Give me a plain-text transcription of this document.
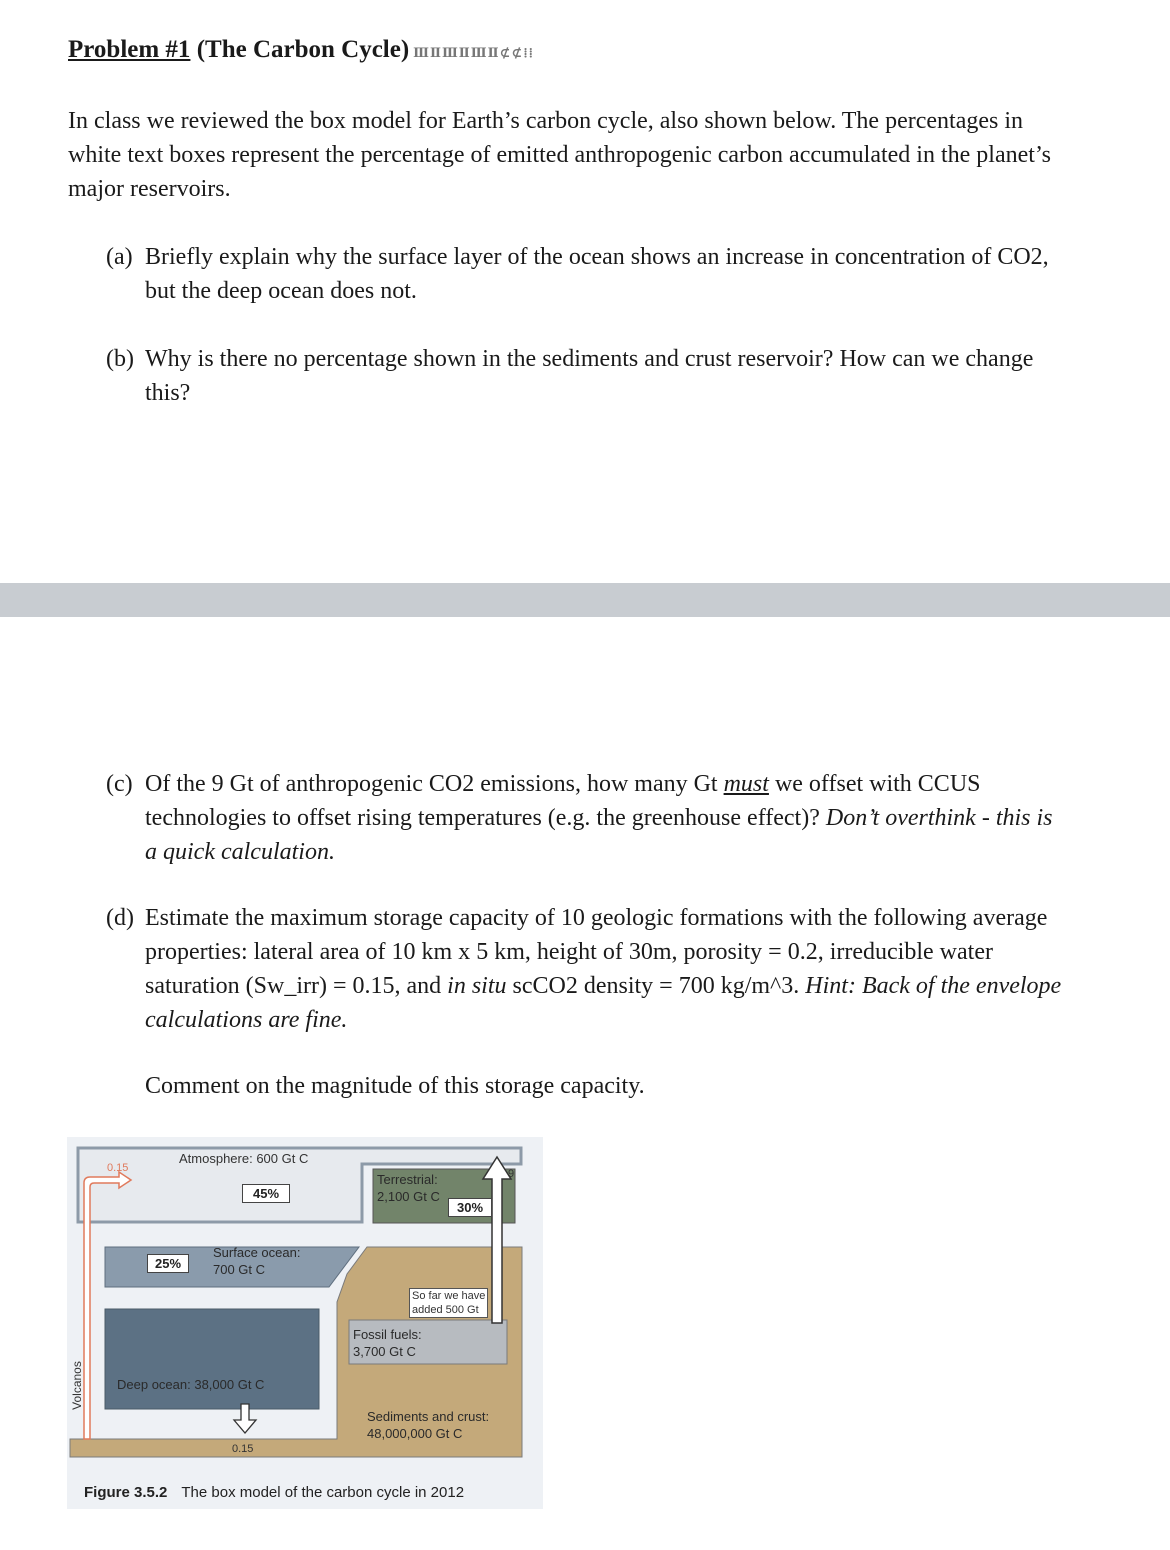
Problem #1 (The Carbon Cycle) ⅢⅡⅢⅡⅢⅡ⊄⊄⁞⁞
In class we reviewed the box model for Earth’s carbon cycle, also shown below. The percentages in white text boxes represent the percentage of emitted anthropogenic carbon accumulated in the planet’s major reservoirs.
(a) Briefly explain why the surface layer of the ocean shows an increase in concentration of CO2, but the deep ocean does not.
(b) Why is there no percentage shown in the sediments and crust reservoir? How can we change this?
(c) Of the 9 Gt of anthropogenic CO2 emissions, how many Gt must we offset with CCUS technologies to offset rising temperatures (e.g. the greenhouse effect)? Don’t overthink - this is a quick calculation.
(d) Estimate the maximum storage capacity of 10 geologic formations with the following average properties: lateral area of 10 km x 5 km, height of 30m, porosity = 0.2, irreducible water saturation (Sw_irr) = 0.15, and in situ scCO2 density = 700 kg/m^3. Hint: Back of the envelope calculations are fine.
Comment on the magnitude of this storage capacity.
Atmosphere: 600 Gt C
45%
0.15
Terrestrial:
2,100 Gt C
30%
9
25%
Surface ocean:
700 Gt C
So far we have
added 500 Gt
Fossil fuels:
3,700 Gt C
Deep ocean: 38,000 Gt C
Sediments and crust:
48,000,000 Gt C
0.15
Volcanos
Figure 3.5.2 The box model of the carbon cycle in 2012
